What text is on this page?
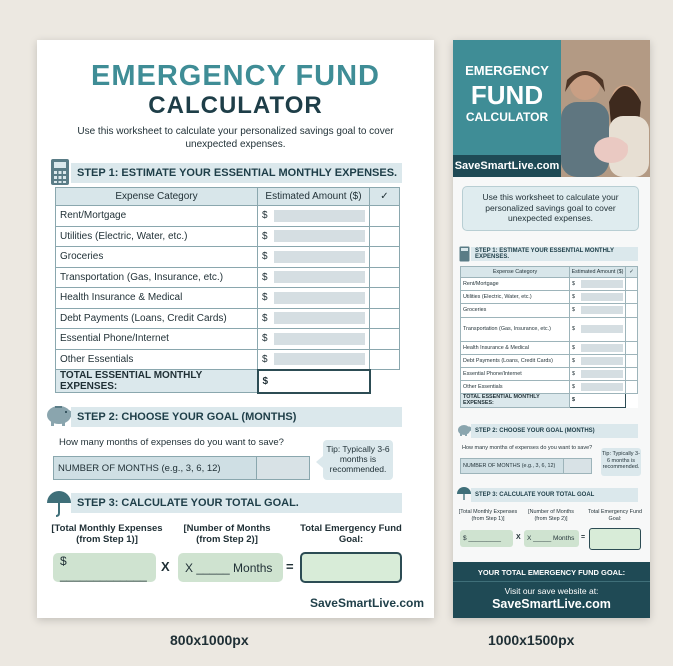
EMERGENCY FUND
CALCULATOR
Use this worksheet to calculate your personalized savings goal to cover unexpected expenses.
STEP 1: ESTIMATE YOUR ESSENTIAL MONTHLY EXPENSES.
Expense Category	Estimated Amount ($)	✓
Rent/Mortgage	$	

Utilities (Electric, Water, etc.)	$	

Groceries	$	

Transportation (Gas, Insurance, etc.)	$	

Health Insurance & Medical	$	

Debt Payments (Loans, Credit Cards)	$	

Essential Phone/Internet	$	

Other Essentials	$	

TOTAL ESSENTIAL MONTHLY EXPENSES:	$	
STEP 2: CHOOSE YOUR GOAL (MONTHS)
How many months of expenses do you want to save?
NUMBER OF MONTHS (e.g., 3, 6, 12)
Tip: Typically 3-6 months is recommended.
STEP 3: CALCULATE YOUR TOTAL GOAL.
[Total Monthly Expenses (from Step 1)]
[Number of Months (from Step 2)]
Total Emergency Fund Goal:
$ _____________
X	X _____ Months	=
SaveSmartLive.com
EMERGENCY
FUND
CALCULATOR
SaveSmartLive.com
Use this worksheet to calculate your personalized savings goal to cover unexpected expenses.
STEP 1: ESTIMATE YOUR ESSENTIAL MONTHLY EXPENSES.
Expense Category	Estimated Amount ($)	✓
Rent/Mortgage	$	

Utilities (Electric, Water, etc.)	$	

Groceries	$	

Transportation (Gas, Insurance, etc.)	$	

Health Insurance & Medical	$	

Debt Payments (Loans, Credit Cards)	$	

Essential Phone/Internet	$	

Other Essentials	$	

TOTAL ESSENTIAL MONTHLY EXPENSES:	$	
STEP 2: CHOOSE YOUR GOAL (MONTHS)
How many months of expenses do you want to save?
NUMBER OF MONTHS (e.g., 3, 6, 12)
Tip: Typically 3-6 months is recommended.
STEP 3: CALCULATE YOUR TOTAL GOAL
[Total Monthly Expenses (from Step 1)]
[Number of Months (from Step 2)]
Total Emergency Fund Goal:
$ _________	X X _____ Months =
YOUR TOTAL EMERGENCY FUND GOAL:
Visit our save website at:
SaveSmartLive.com
800x1000px	1000x1500px
